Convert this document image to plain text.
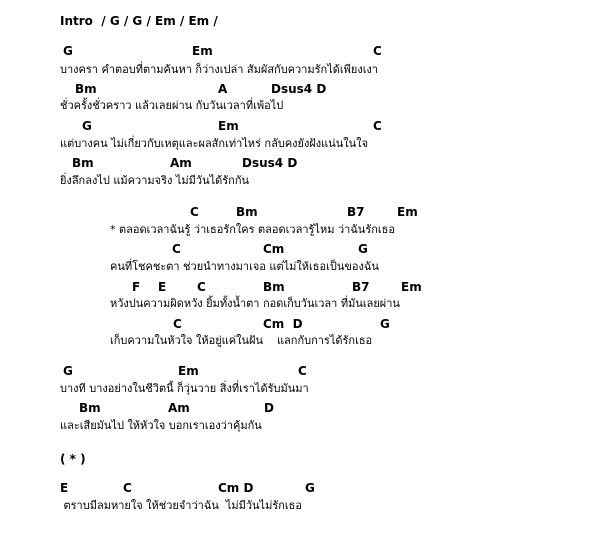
Intro  / G / G / Em / Em /
G	Em	C
บางครา คำตอบที่ตามค้นหา ก็ว่างเปล่า สัมผัสกับความรักได้เพียงเงา
Bm	A	Dsus4 D
ชั่วครั้งชั่วคราว แล้วเลยผ่าน กับวันเวลาที่เพ้อไป
G	Em	C
แต่บางคน ไม่เกี่ยวกับเหตุและผลสักเท่าไหร่ กลับคงยังฝังแน่นในใจ
Bm	Am	Dsus4 D
ยิ่งลึกลงไป แม้ความจริง ไม่มีวันได้รักกัน
C	Bm	B7	Em
* ตลอดเวลาฉันรู้ ว่าเธอรักใคร ตลอดเวลารู้ไหม ว่าฉันรักเธอ
C	Cm	G
คนที่โชคชะตา ช่วยนำทางมาเจอ แต่ไม่ให้เธอเป็นของฉัน
F E	C	Bm	B7	Em
หวังปนความผิดหวัง ยิ้มทั้งน้ำตา กอดเก็บวันเวลา ที่มันเลยผ่าน
C	Cm  D	G
เก็บความในหัวใจ ให้อยู่แค่ในฝัน    แลกกับการได้รักเธอ
G	Em	C
บางที บางอย่างในชีวิตนี้ ก็วุ่นวาย สิ่งที่เราได้รับมันมา
Bm	Am	D
และเสียมันไป ให้หัวใจ บอกเราเองว่าคุ้มกัน
( * )
E	C	Cm D	G
ตราบมีลมหายใจ ให้ช่วยจำว่าฉัน  ไม่มีวันไม่รักเธอ
